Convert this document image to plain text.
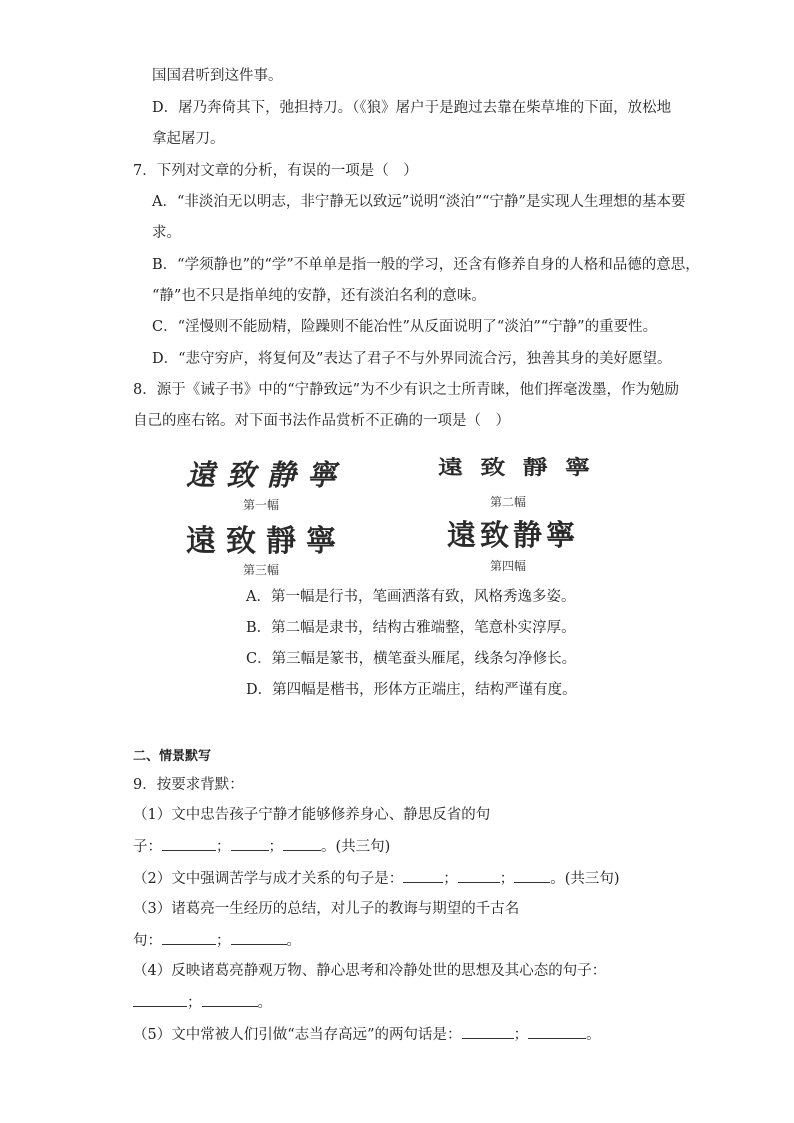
国国君听到这件事。
D．屠乃奔倚其下，弛担持刀。（《狼》屠户于是跑过去靠在柴草堆的下面，放松地
拿起屠刀。
7．下列对文章的分析，有误的一项是（　）
A．“非淡泊无以明志，非宁静无以致远”说明“淡泊”“宁静”是实现人生理想的基本要
求。
B．“学须静也”的“学”不单单是指一般的学习，还含有修养自身的人格和品德的意思，
“静”也不只是指单纯的安静，还有淡泊名利的意味。
C．“淫慢则不能励精，险躁则不能冶性”从反面说明了“淡泊”“宁静”的重要性。
D．“悲守穷庐，将复何及”表达了君子不与外界同流合污，独善其身的美好愿望。
8．源于《诫子书》中的“宁静致远”为不少有识之士所青睐，他们挥毫泼墨，作为勉励
自己的座右铭。对下面书法作品赏析不正确的一项是（　）
遠 致 静 寧
第一幅
遠 致 靜 寧
第二幅
遠 致 靜 寧
第三幅
遠 致 静 寧
第四幅
A．第一幅是行书，笔画洒落有致，风格秀逸多姿。
B．第二幅是隶书，结构古雅端整，笔意朴实淳厚。
C．第三幅是篆书，横笔蚕头雁尾，线条匀净修长。
D．第四幅是楷书，形体方正端庄，结构严谨有度。
二、情景默写
9．按要求背默：
（1）文中忠告孩子宁静才能够修养身心、静思反省的句
子：	；	；	。(共三句)
（2）文中强调苦学与成才关系的句子是：	；	； 。(共三句)
（3）诸葛亮一生经历的总结，对儿子的教诲与期望的千古名
句：	；	。
（4）反映诸葛亮静观万物、静心思考和冷静处世的思想及其心态的句子：
；	。
（5）文中常被人们引做“志当存高远”的两句话是：	；	。
